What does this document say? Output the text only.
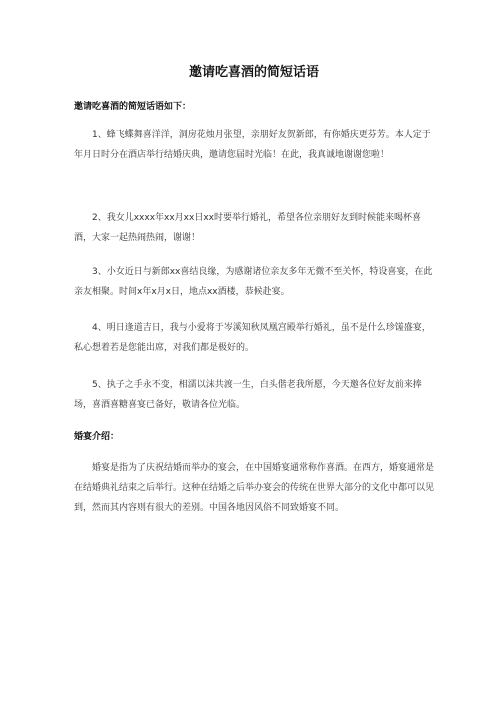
邀请吃喜酒的简短话语
邀请吃喜酒的简短话语如下：

1、蜂飞蝶舞喜洋洋，洞房花烛月张望，亲朋好友贺新郎，有你婚庆更芬芳。本人定于年月日时分在酒店举行结婚庆典，邀请您届时光临！在此，我真诚地谢谢您啦！

2、我女儿xxxx年xx月xx日xx时要举行婚礼，希望各位亲朋好友到时候能来喝杯喜酒，大家一起热闹热闹，谢谢！

3、小女近日与新郎xx喜结良缘，为感谢诸位亲友多年无微不至关怀，特设喜宴，在此亲友相聚。时间x年x月x日，地点xx酒楼，恭候赴宴。

4、明日逢道吉日，我与小爱将于岑溪知秋凤凰宫殿举行婚礼，虽不是什么珍馐盛宴，私心想着若是您能出席，对我们都是极好的。

5、执子之手永不变，相濡以沫共渡一生，白头偕老我所愿，今天邀各位好友前来捧场，喜酒喜糖喜宴已备好，敬请各位光临。

婚宴介绍：

婚宴是指为了庆祝结婚而举办的宴会，在中国婚宴通常称作喜酒。在西方，婚宴通常是在结婚典礼结束之后举行。这种在结婚之后举办宴会的传统在世界大部分的文化中都可以见到，然而其内容则有很大的差别。中国各地因风俗不同致婚宴不同。
